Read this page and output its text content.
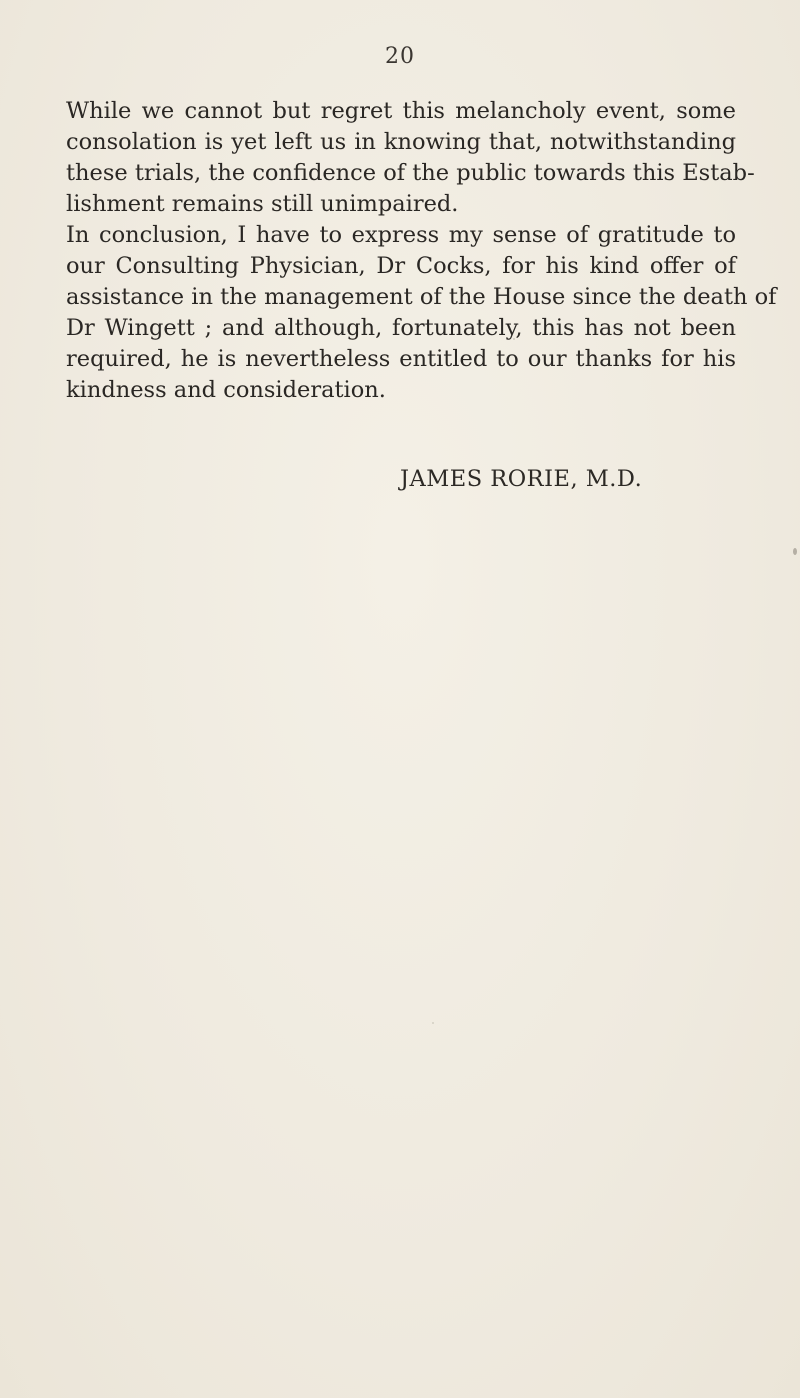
20
While we cannot but regret this melancholy event, some
consolation is yet left us in knowing that, notwithstanding
these trials, the confidence of the public towards this Estab-
lishment remains still unimpaired.
In conclusion, I have to express my sense of gratitude to
our Consulting Physician, Dr Cocks, for his kind offer of
assistance in the management of the House since the death of
Dr Wingett ; and although, fortunately, this has not been
required, he is nevertheless entitled to our thanks for his
kindness and consideration.
JAMES RORIE, M.D.
